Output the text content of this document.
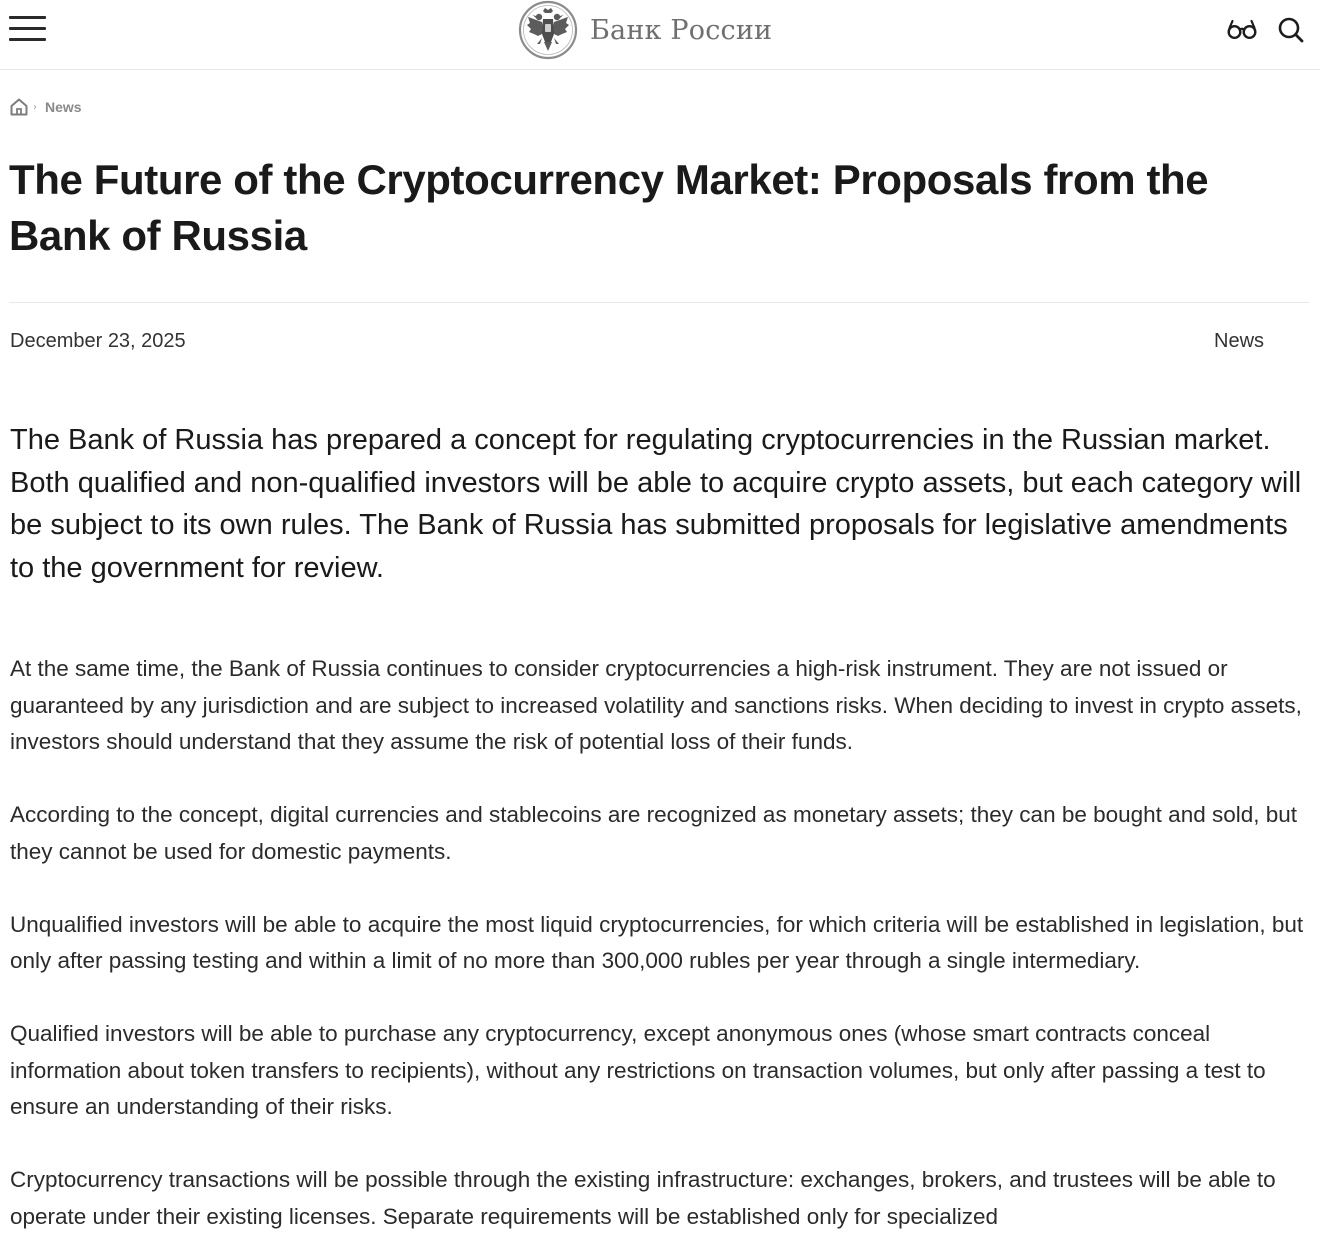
Банк России
› News
The Future of the Cryptocurrency Market: Proposals from the Bank of Russia
December 23, 2025	News

The Bank of Russia has prepared a concept for regulating cryptocurrencies in the Russian market. Both qualified and non-qualified investors will be able to acquire crypto assets, but each category will be subject to its own rules. The Bank of Russia has submitted proposals for legislative amendments to the government for review.

At the same time, the Bank of Russia continues to consider cryptocurrencies a high-risk instrument. They are not issued or guaranteed by any jurisdiction and are subject to increased volatility and sanctions risks. When deciding to invest in crypto assets, investors should understand that they assume the risk of potential loss of their funds.

According to the concept, digital currencies and stablecoins are recognized as monetary assets; they can be bought and sold, but they cannot be used for domestic payments.

Unqualified investors will be able to acquire the most liquid cryptocurrencies, for which criteria will be established in legislation, but only after passing testing and within a limit of no more than 300,000 rubles per year through a single intermediary.

Qualified investors will be able to purchase any cryptocurrency, except anonymous ones (whose smart contracts conceal information about token transfers to recipients), without any restrictions on transaction volumes, but only after passing a test to ensure an understanding of their risks.

Cryptocurrency transactions will be possible through the existing infrastructure: exchanges, brokers, and trustees will be able to operate under their existing licenses. Separate requirements will be established only for specialized
